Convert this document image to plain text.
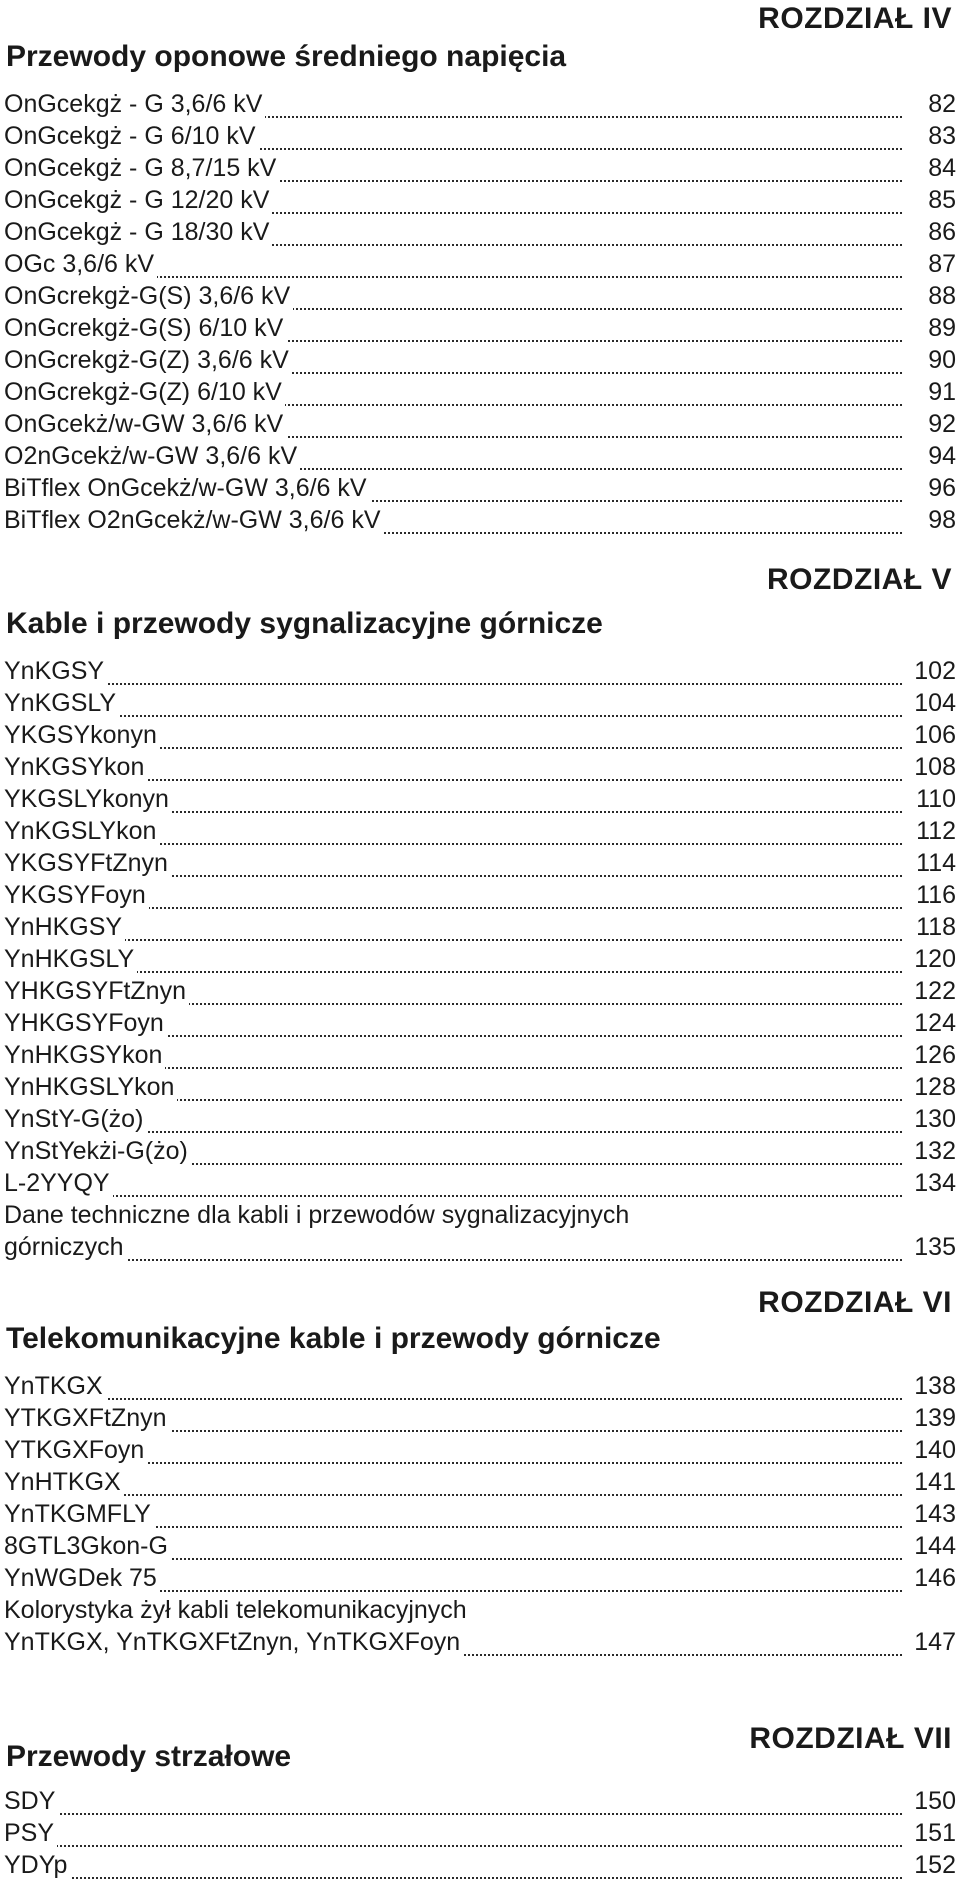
ROZDZIAŁ IV
Przewody oponowe średniego napięcia
OnGcekgż - G 3,6/6 kV	82
OnGcekgż - G 6/10 kV	83
OnGcekgż - G 8,7/15 kV	84
OnGcekgż - G 12/20 kV	85
OnGcekgż - G 18/30 kV	86
OGc 3,6/6 kV	87
OnGcrekgż-G(S) 3,6/6 kV	88
OnGcrekgż-G(S) 6/10 kV	89
OnGcrekgż-G(Z) 3,6/6 kV	90
OnGcrekgż-G(Z) 6/10 kV	91
OnGcekż/w-GW 3,6/6 kV	92
O2nGcekż/w-GW 3,6/6 kV	94
BiTflex OnGcekż/w-GW 3,6/6 kV	96
BiTflex O2nGcekż/w-GW 3,6/6 kV	98
ROZDZIAŁ V
Kable i przewody sygnalizacyjne górnicze
YnKGSY	102
YnKGSLY	104
YKGSYkonyn	106
YnKGSYkon	108
YKGSLYkonyn	110
YnKGSLYkon	112
YKGSYFtZnyn	114
YKGSYFoyn	116
YnHKGSY	118
YnHKGSLY	120
YHKGSYFtZnyn	122
YHKGSYFoyn	124
YnHKGSYkon	126
YnHKGSLYkon	128
YnStY-G(żo)	130
YnStYekżi-G(żo)	132
L-2YYQY	134
Dane techniczne dla kabli i przewodów sygnalizacyjnych
górniczych	135
ROZDZIAŁ VI
Telekomunikacyjne kable i przewody górnicze
YnTKGX	138
YTKGXFtZnyn	139
YTKGXFoyn	140
YnHTKGX	141
YnTKGMFLY	143
8GTL3Gkon-G	144
YnWGDek 75	146
Kolorystyka żył kabli telekomunikacyjnych
YnTKGX, YnTKGXFtZnyn, YnTKGXFoyn	147
ROZDZIAŁ VII
Przewody strzałowe
SDY	150
PSY	151
YDYp	152
